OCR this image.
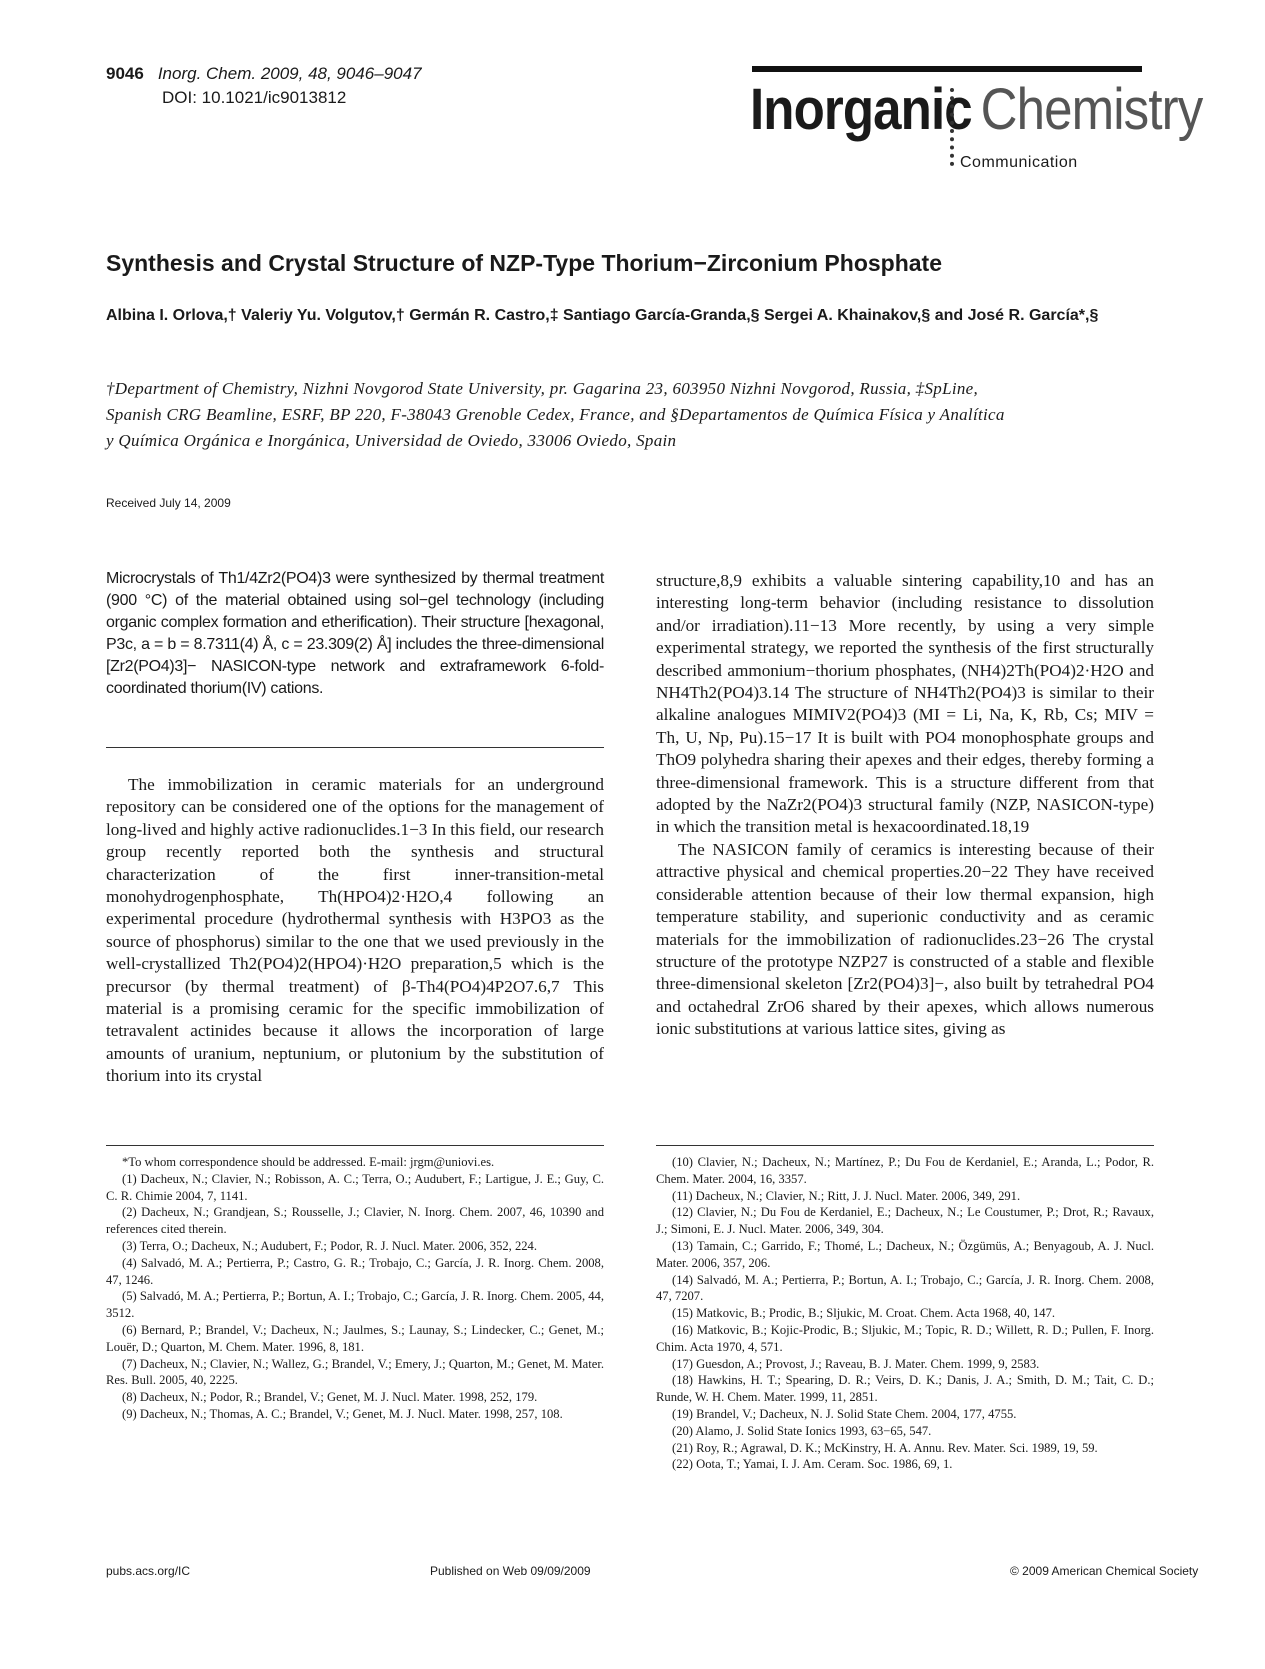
9046 Inorg. Chem. 2009, 48, 9046–9047
DOI: 10.1021/ic9013812	Inorganic Chemistry
Communication
Synthesis and Crystal Structure of NZP-Type Thorium−Zirconium Phosphate
Albina I. Orlova,† Valeriy Yu. Volgutov,† Germán R. Castro,‡ Santiago García-Granda,§ Sergei A. Khainakov,§ and José R. García*,§
†Department of Chemistry, Nizhni Novgorod State University, pr. Gagarina 23, 603950 Nizhni Novgorod, Russia, ‡SpLine, Spanish CRG Beamline, ESRF, BP 220, F-38043 Grenoble Cedex, France, and §Departamentos de Química Física y Analítica y Química Orgánica e Inorgánica, Universidad de Oviedo, 33006 Oviedo, Spain
Received July 14, 2009
Microcrystals of Th1/4Zr2(PO4)3 were synthesized by thermal treatment (900 °C) of the material obtained using sol−gel technology (including organic complex formation and etherification). Their structure [hexagonal, P3c, a = b = 8.7311(4) Å, c = 23.309(2) Å] includes the three-dimensional [Zr2(PO4)3]− NASICON-type network and extraframework 6-fold-coordinated thorium(IV) cations.

The immobilization in ceramic materials for an underground repository can be considered one of the options for the management of long-lived and highly active radionuclides.1−3 In this field, our research group recently reported both the synthesis and structural characterization of the first inner-transition-metal monohydrogenphosphate, Th(HPO4)2·H2O,4 following an experimental procedure (hydrothermal synthesis with H3PO3 as the source of phosphorus) similar to the one that we used previously in the well-crystallized Th2(PO4)2(HPO4)·H2O preparation,5 which is the precursor (by thermal treatment) of β-Th4(PO4)4P2O7.6,7 This material is a promising ceramic for the specific immobilization of tetravalent actinides because it allows the incorporation of large amounts of uranium, neptunium, or plutonium by the substitution of thorium into its crystal

structure,8,9 exhibits a valuable sintering capability,10 and has an interesting long-term behavior (including resistance to dissolution and/or irradiation).11−13 More recently, by using a very simple experimental strategy, we reported the synthesis of the first structurally described ammonium−thorium phosphates, (NH4)2Th(PO4)2·H2O and NH4Th2(PO4)3.14 The structure of NH4Th2(PO4)3 is similar to their alkaline analogues MIMIV2(PO4)3 (MI = Li, Na, K, Rb, Cs; MIV = Th, U, Np, Pu).15−17 It is built with PO4 monophosphate groups and ThO9 polyhedra sharing their apexes and their edges, thereby forming a three-dimensional framework. This is a structure different from that adopted by the NaZr2(PO4)3 structural family (NZP, NASICON-type) in which the transition metal is hexacoordinated.18,19

The NASICON family of ceramics is interesting because of their attractive physical and chemical properties.20−22 They have received considerable attention because of their low thermal expansion, high temperature stability, and superionic conductivity and as ceramic materials for the immobilization of radionuclides.23−26 The crystal structure of the prototype NZP27 is constructed of a stable and flexible three-dimensional skeleton [Zr2(PO4)3]−, also built by tetrahedral PO4 and octahedral ZrO6 shared by their apexes, which allows numerous ionic substitutions at various lattice sites, giving as

*To whom correspondence should be addressed. E-mail: jrgm@uniovi.es.

(1) Dacheux, N.; Clavier, N.; Robisson, A. C.; Terra, O.; Audubert, F.; Lartigue, J. E.; Guy, C. C. R. Chimie 2004, 7, 1141.

(2) Dacheux, N.; Grandjean, S.; Rousselle, J.; Clavier, N. Inorg. Chem. 2007, 46, 10390 and references cited therein.

(3) Terra, O.; Dacheux, N.; Audubert, F.; Podor, R. J. Nucl. Mater. 2006, 352, 224.

(4) Salvadó, M. A.; Pertierra, P.; Castro, G. R.; Trobajo, C.; García, J. R. Inorg. Chem. 2008, 47, 1246.

(5) Salvadó, M. A.; Pertierra, P.; Bortun, A. I.; Trobajo, C.; García, J. R. Inorg. Chem. 2005, 44, 3512.

(6) Bernard, P.; Brandel, V.; Dacheux, N.; Jaulmes, S.; Launay, S.; Lindecker, C.; Genet, M.; Louër, D.; Quarton, M. Chem. Mater. 1996, 8, 181.

(7) Dacheux, N.; Clavier, N.; Wallez, G.; Brandel, V.; Emery, J.; Quarton, M.; Genet, M. Mater. Res. Bull. 2005, 40, 2225.

(8) Dacheux, N.; Podor, R.; Brandel, V.; Genet, M. J. Nucl. Mater. 1998, 252, 179.

(9) Dacheux, N.; Thomas, A. C.; Brandel, V.; Genet, M. J. Nucl. Mater. 1998, 257, 108.

(10) Clavier, N.; Dacheux, N.; Martínez, P.; Du Fou de Kerdaniel, E.; Aranda, L.; Podor, R. Chem. Mater. 2004, 16, 3357.

(11) Dacheux, N.; Clavier, N.; Ritt, J. J. Nucl. Mater. 2006, 349, 291.

(12) Clavier, N.; Du Fou de Kerdaniel, E.; Dacheux, N.; Le Coustumer, P.; Drot, R.; Ravaux, J.; Simoni, E. J. Nucl. Mater. 2006, 349, 304.

(13) Tamain, C.; Garrido, F.; Thomé, L.; Dacheux, N.; Özgümüs, A.; Benyagoub, A. J. Nucl. Mater. 2006, 357, 206.

(14) Salvadó, M. A.; Pertierra, P.; Bortun, A. I.; Trobajo, C.; García, J. R. Inorg. Chem. 2008, 47, 7207.

(15) Matkovic, B.; Prodic, B.; Sljukic, M. Croat. Chem. Acta 1968, 40, 147.

(16) Matkovic, B.; Kojic-Prodic, B.; Sljukic, M.; Topic, R. D.; Willett, R. D.; Pullen, F. Inorg. Chim. Acta 1970, 4, 571.

(17) Guesdon, A.; Provost, J.; Raveau, B. J. Mater. Chem. 1999, 9, 2583.

(18) Hawkins, H. T.; Spearing, D. R.; Veirs, D. K.; Danis, J. A.; Smith, D. M.; Tait, C. D.; Runde, W. H. Chem. Mater. 1999, 11, 2851.

(19) Brandel, V.; Dacheux, N. J. Solid State Chem. 2004, 177, 4755.

(20) Alamo, J. Solid State Ionics 1993, 63−65, 547.

(21) Roy, R.; Agrawal, D. K.; McKinstry, H. A. Annu. Rev. Mater. Sci. 1989, 19, 59.

(22) Oota, T.; Yamai, I. J. Am. Ceram. Soc. 1986, 69, 1.

pubs.acs.org/IC	Published on Web 09/09/2009	© 2009 American Chemical Society
